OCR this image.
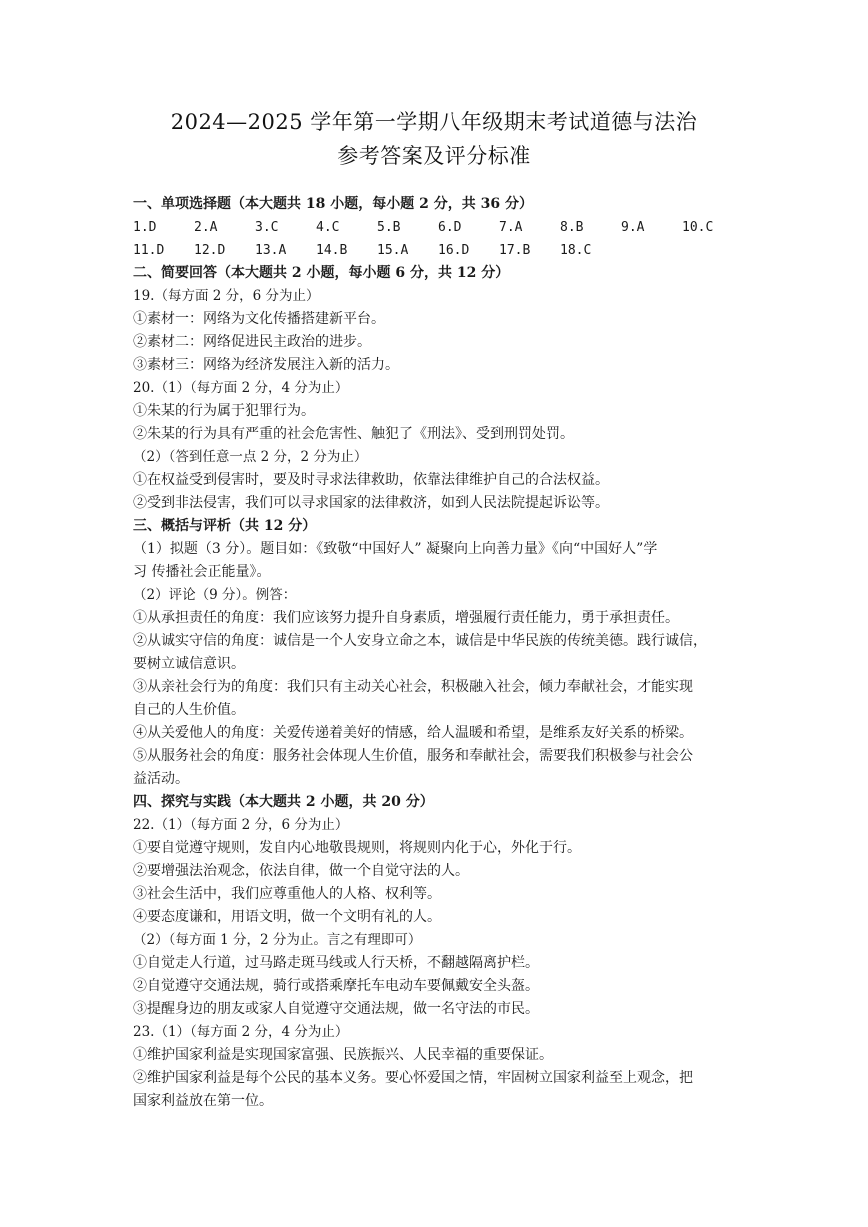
2024—2025 学年第一学期八年级期末考试道德与法治
参考答案及评分标准
一、单项选择题（本大题共 18 小题，每小题 2 分，共 36 分）
1.D	2.A	3.C	4.C	5.B	6.D	7.A	8.B	9.A	10.C
11.D	12.D	13.A	14.B	15.A	16.D	17.B	18.C
二、简要回答（本大题共 2 小题，每小题 6 分，共 12 分）
19.（每方面 2 分，6 分为止）
①素材一：网络为文化传播搭建新平台。
②素材二：网络促进民主政治的进步。
③素材三：网络为经济发展注入新的活力。
20.（1）（每方面 2 分，4 分为止）
①朱某的行为属于犯罪行为。
②朱某的行为具有严重的社会危害性、触犯了《刑法》、受到刑罚处罚。
（2）（答到任意一点 2 分，2 分为止）
①在权益受到侵害时，要及时寻求法律救助，依靠法律维护自己的合法权益。
②受到非法侵害，我们可以寻求国家的法律救济，如到人民法院提起诉讼等。
三、概括与评析（共 12 分）
（1）拟题（3 分）。题目如：《致敬“中国好人” 凝聚向上向善力量》《向“中国好人”学
习 传播社会正能量》。
（2）评论（9 分）。例答：
①从承担责任的角度：我们应该努力提升自身素质，增强履行责任能力，勇于承担责任。
②从诚实守信的角度：诚信是一个人安身立命之本，诚信是中华民族的传统美德。践行诚信，
要树立诚信意识。
③从亲社会行为的角度：我们只有主动关心社会，积极融入社会，倾力奉献社会，才能实现
自己的人生价值。
④从关爱他人的角度：关爱传递着美好的情感，给人温暖和希望，是维系友好关系的桥梁。
⑤从服务社会的角度：服务社会体现人生价值，服务和奉献社会，需要我们积极参与社会公
益活动。
四、探究与实践（本大题共 2 小题，共 20 分）
22.（1）（每方面 2 分，6 分为止）
①要自觉遵守规则，发自内心地敬畏规则，将规则内化于心，外化于行。
②要增强法治观念，依法自律，做一个自觉守法的人。
③社会生活中，我们应尊重他人的人格、权利等。
④要态度谦和，用语文明，做一个文明有礼的人。
（2）（每方面 1 分，2 分为止。言之有理即可）
①自觉走人行道，过马路走斑马线或人行天桥，不翻越隔离护栏。
②自觉遵守交通法规，骑行或搭乘摩托车电动车要佩戴安全头盔。
③提醒身边的朋友或家人自觉遵守交通法规，做一名守法的市民。
23.（1）（每方面 2 分，4 分为止）
①维护国家利益是实现国家富强、民族振兴、人民幸福的重要保证。
②维护国家利益是每个公民的基本义务。要心怀爱国之情，牢固树立国家利益至上观念，把
国家利益放在第一位。
